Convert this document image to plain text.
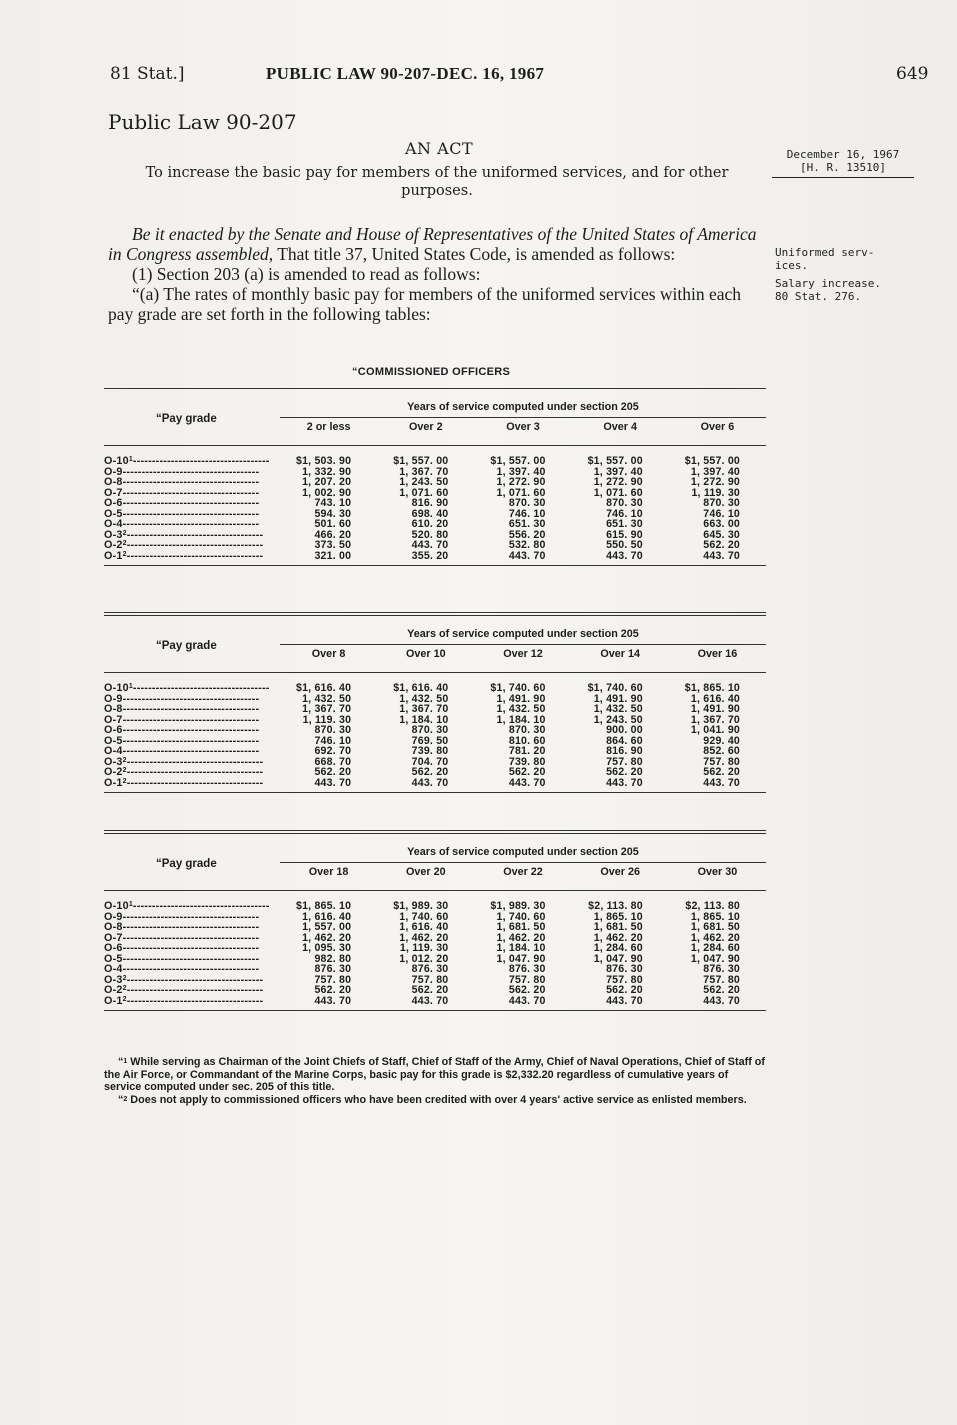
81 Stat.]	PUBLIC LAW 90-207-DEC. 16, 1967	649
Public Law 90-207
AN ACT
To increase the basic pay for members of the uniformed services, and for other purposes.
December 16, 1967
[H. R. 13510]
Uniformed serv-
ices.
Salary increase.
80 Stat. 276.

Be it enacted by the Senate and House of Representatives of the United States of America in Congress assembled, That title 37, United States Code, is amended as follows:

(1) Section 203 (a) is amended to read as follows:

“(a) The rates of monthly basic pay for members of the uniformed services within each pay grade are set forth in the following tables:

“COMMISSIONED OFFICERS
“Pay grade
Years of service computed under section 205
2 or less	Over 2	Over 3	Over 4	Over 6
$O-10^1------------------------------------$	$1, 503. 90	$1, 557. 00	$1, 557. 00	$1, 557. 00	$1, 557. 00
O-9------------------------------------	1, 332. 90	1, 367. 70	1, 397. 40	1, 397. 40	1, 397. 40
O-8------------------------------------	1, 207. 20	1, 243. 50	1, 272. 90	1, 272. 90	1, 272. 90
O-7------------------------------------	1, 002. 90	1, 071. 60	1, 071. 60	1, 071. 60	1, 119. 30
O-6------------------------------------	743. 10	816. 90	870. 30	870. 30	870. 30
O-5------------------------------------	594. 30	698. 40	746. 10	746. 10	746. 10
O-4------------------------------------	501. 60	610. 20	651. 30	651. 30	663. 00
$O-3^2------------------------------------$	466. 20	520. 80	556. 20	615. 90	645. 30
$O-2^2------------------------------------$	373. 50	443. 70	532. 80	550. 50	562. 20
$O-1^2------------------------------------$	321. 00	355. 20	443. 70	443. 70	443. 70
“Pay grade
Years of service computed under section 205
Over 8	Over 10	Over 12	Over 14	Over 16
$O-10^1------------------------------------$	$1, 616. 40	$1, 616. 40	$1, 740. 60	$1, 740. 60	$1, 865. 10
O-9------------------------------------	1, 432. 50	1, 432. 50	1, 491. 90	1, 491. 90	1, 616. 40
O-8------------------------------------	1, 367. 70	1, 367. 70	1, 432. 50	1, 432. 50	1, 491. 90
O-7------------------------------------	1, 119. 30	1, 184. 10	1, 184. 10	1, 243. 50	1, 367. 70
O-6------------------------------------	870. 30	870. 30	870. 30	900. 00	1, 041. 90
O-5------------------------------------	746. 10	769. 50	810. 60	864. 60	929. 40
O-4------------------------------------	692. 70	739. 80	781. 20	816. 90	852. 60
$O-3^2------------------------------------$	668. 70	704. 70	739. 80	757. 80	757. 80
$O-2^2------------------------------------$	562. 20	562. 20	562. 20	562. 20	562. 20
$O-1^2------------------------------------$	443. 70	443. 70	443. 70	443. 70	443. 70
“Pay grade
Years of service computed under section 205
Over 18	Over 20	Over 22	Over 26	Over 30
$O-10^1------------------------------------$	$1, 865. 10	$1, 989. 30	$1, 989. 30	$2, 113. 80	$2, 113. 80
O-9------------------------------------	1, 616. 40	1, 740. 60	1, 740. 60	1, 865. 10	1, 865. 10
O-8------------------------------------	1, 557. 00	1, 616. 40	1, 681. 50	1, 681. 50	1, 681. 50
O-7------------------------------------	1, 462. 20	1, 462. 20	1, 462. 20	1, 462. 20	1, 462. 20
O-6------------------------------------	1, 095. 30	1, 119. 30	1, 184. 10	1, 284. 60	1, 284. 60
O-5------------------------------------	982. 80	1, 012. 20	1, 047. 90	1, 047. 90	1, 047. 90
O-4------------------------------------	876. 30	876. 30	876. 30	876. 30	876. 30
$O-3^2------------------------------------$	757. 80	757. 80	757. 80	757. 80	757. 80
$O-2^2------------------------------------$	562. 20	562. 20	562. 20	562. 20	562. 20
$O-1^2------------------------------------$	443. 70	443. 70	443. 70	443. 70	443. 70

“$^1$ While serving as Chairman of the Joint Chiefs of Staff, Chief of Staff of the Army, Chief of Naval Operations, Chief of Staff of the Air Force, or Commandant of the Marine Corps, basic pay for this grade is $2,332.20 regardless of cumulative years of service computed under sec. 205 of this title.

“$^2$ Does not apply to commissioned officers who have been credited with over 4 years' active service as enlisted members.
